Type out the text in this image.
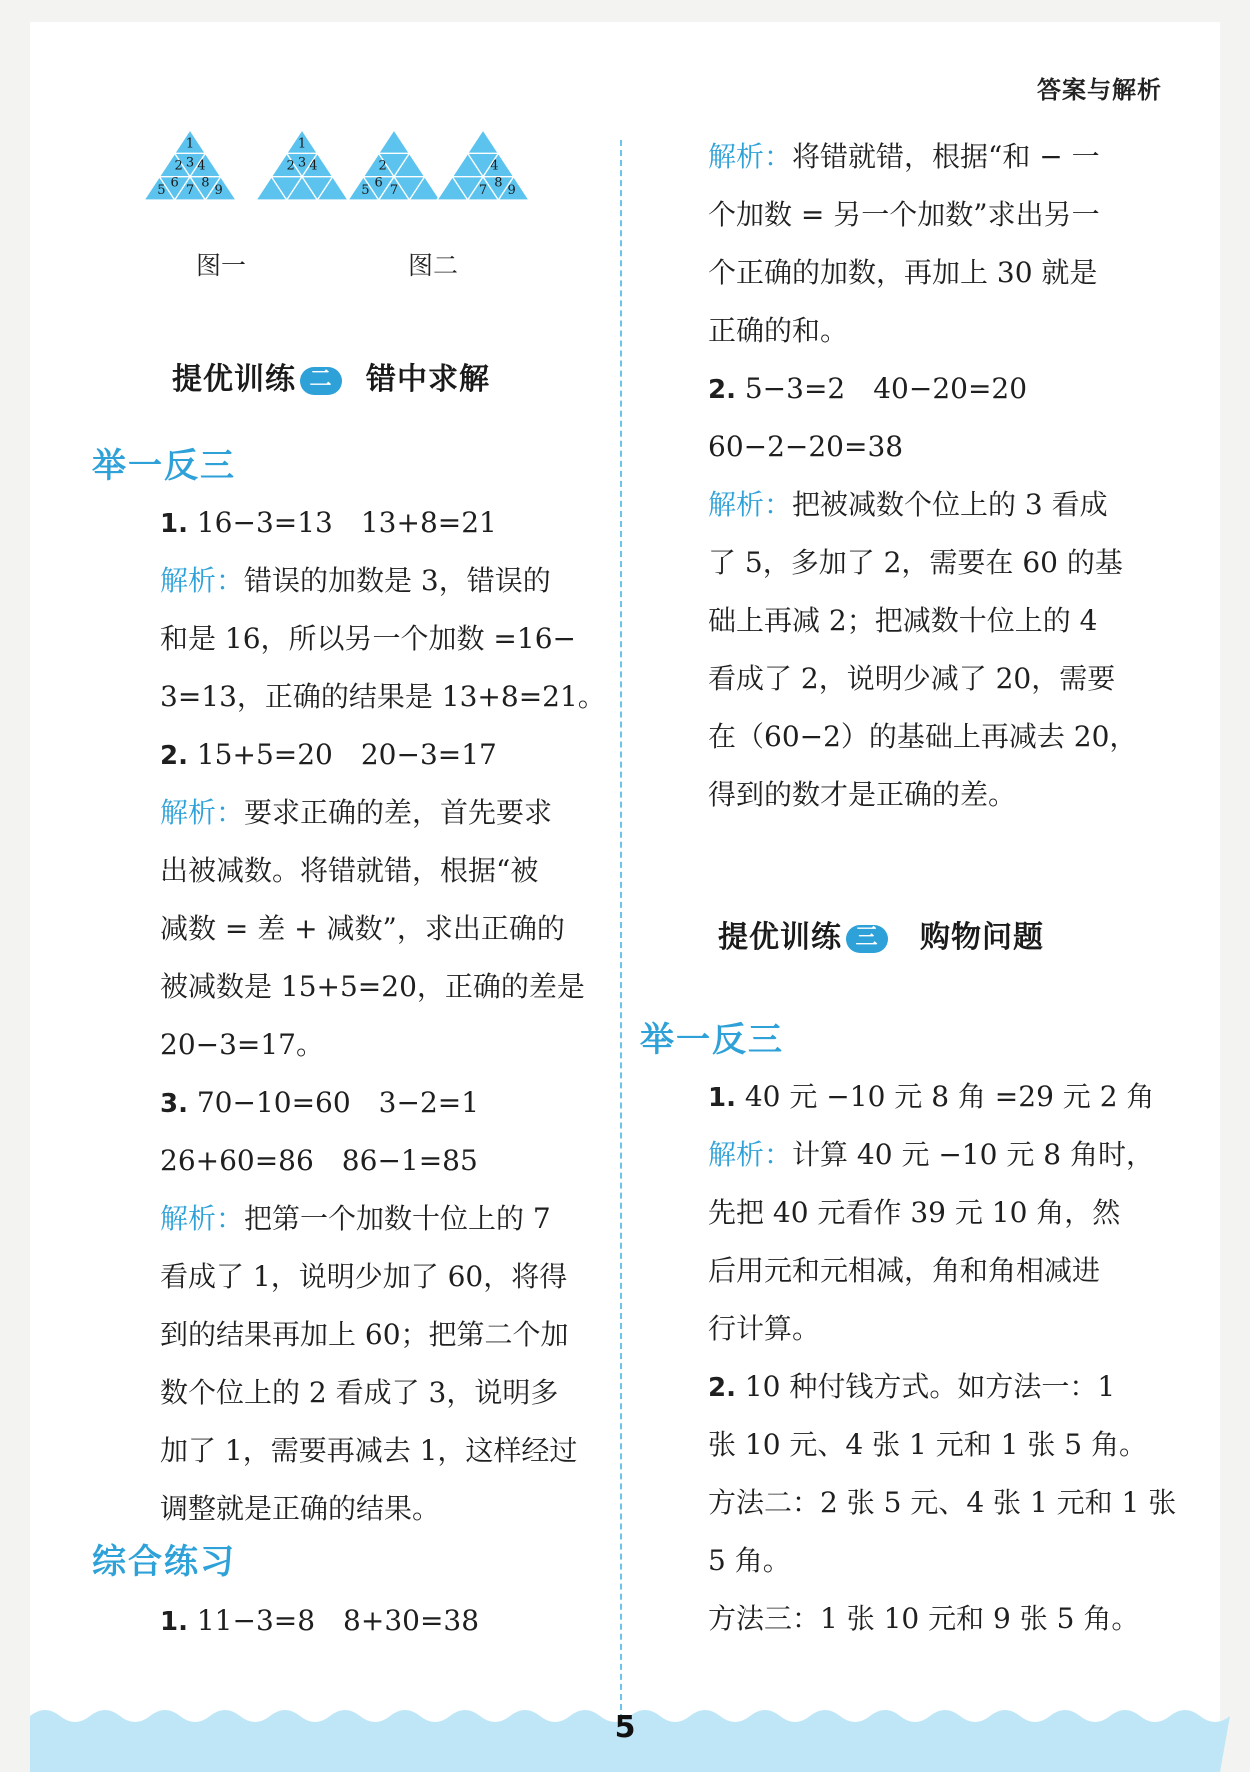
答案与解析
1
2 3 4
5 6 7 8 9
1
2 3 4	2
5 6 7
4
7 8 9
图一	图二
提优训练 二	错中求解
举一反三
1. 16−3=13　13+8=21
解析：错误的加数是 3，错误的
和是 16，所以另一个加数 =16−
3=13，正确的结果是 13+8=21。
2. 15+5=20　20−3=17
解析：要求正确的差，首先要求
出被减数。将错就错，根据“被
减数 = 差 + 减数”，求出正确的
被减数是 15+5=20，正确的差是
20−3=17。
3. 70−10=60　3−2=1
26+60=86　86−1=85
解析：把第一个加数十位上的 7
看成了 1，说明少加了 60，将得
到的结果再加上 60；把第二个加
数个位上的 2 看成了 3，说明多
加了 1，需要再减去 1，这样经过
调整就是正确的结果。
综合练习
1. 11−3=8　8+30=38
解析：将错就错，根据“和 − 一
个加数 = 另一个加数”求出另一
个正确的加数，再加上 30 就是
正确的和。
2. 5−3=2　40−20=20
60−2−20=38
解析：把被减数个位上的 3 看成
了 5，多加了 2，需要在 60 的基
础上再减 2；把减数十位上的 4
看成了 2，说明少减了 20，需要
在（60−2）的基础上再减去 20，
得到的数才是正确的差。
提优训练 三	购物问题
举一反三
1. 40 元 −10 元 8 角 =29 元 2 角
解析：计算 40 元 −10 元 8 角时，
先把 40 元看作 39 元 10 角，然
后用元和元相减，角和角相减进
行计算。
2. 10 种付钱方式。如方法一：1
张 10 元、4 张 1 元和 1 张 5 角。
方法二：2 张 5 元、4 张 1 元和 1 张
5 角。
方法三：1 张 10 元和 9 张 5 角。
5
